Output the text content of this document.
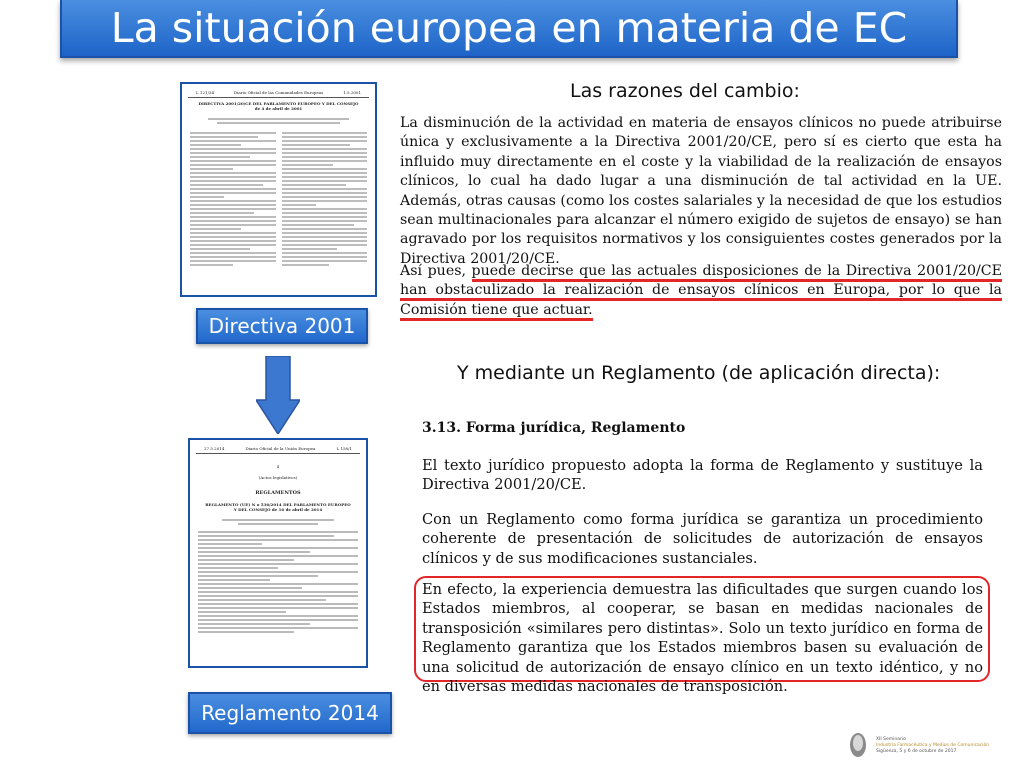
La situación europea en materia de EC
L 121/34	Diario Oficial de las Comunidades Europeas	1.5.2001
DIRECTIVA 2001/20/CE DEL PARLAMENTO EUROPEO Y DEL CONSEJO de 4 de abril de 2001
Directiva 2001
27.5.2014	Diario Oficial de la Unión Europea	L 158/1
I
(Actos legislativos)
REGLAMENTOS
REGLAMENTO (UE) N o 536/2014 DEL PARLAMENTO EUROPEO Y DEL CONSEJO de 16 de abril de 2014
Reglamento 2014
Las razones del cambio:
La disminución de la actividad en materia de ensayos clínicos no puede atribuirse única y exclusivamente a la Directiva 2001/20/CE, pero sí es cierto que esta ha influido muy directamente en el coste y la viabilidad de la realización de ensayos clínicos, lo cual ha dado lugar a una disminución de tal actividad en la UE. Además, otras causas (como los costes salariales y la necesidad de que los estudios sean multinacionales para alcanzar el número exigido de sujetos de ensayo) se han agravado por los requisitos normativos y los consiguientes costes generados por la Directiva 2001/20/CE.
Así pues, puede decirse que las actuales disposiciones de la Directiva 2001/20/CE han obstaculizado la realización de ensayos clínicos en Europa, por lo que la Comisión tiene que actuar.
Y mediante un Reglamento (de aplicación directa):
3.13. Forma jurídica, Reglamento
El texto jurídico propuesto adopta la forma de Reglamento y sustituye la Directiva 2001/20/CE.
Con un Reglamento como forma jurídica se garantiza un procedimiento coherente de presentación de solicitudes de autorización de ensayos clínicos y de sus modificaciones sustanciales.
En efecto, la experiencia demuestra las dificultades que surgen cuando los Estados miembros, al cooperar, se basan en medidas nacionales de transposición «similares pero distintas». Solo un texto jurídico en forma de Reglamento garantiza que los Estados miembros basen su evaluación de una solicitud de autorización de ensayo clínico en un texto idéntico, y no en diversas medidas nacionales de transposición.
XII Seminario
Industria Farmacéutica y Medios de Comunicación
Sigüenza, 5 y 6 de octubre de 2017
